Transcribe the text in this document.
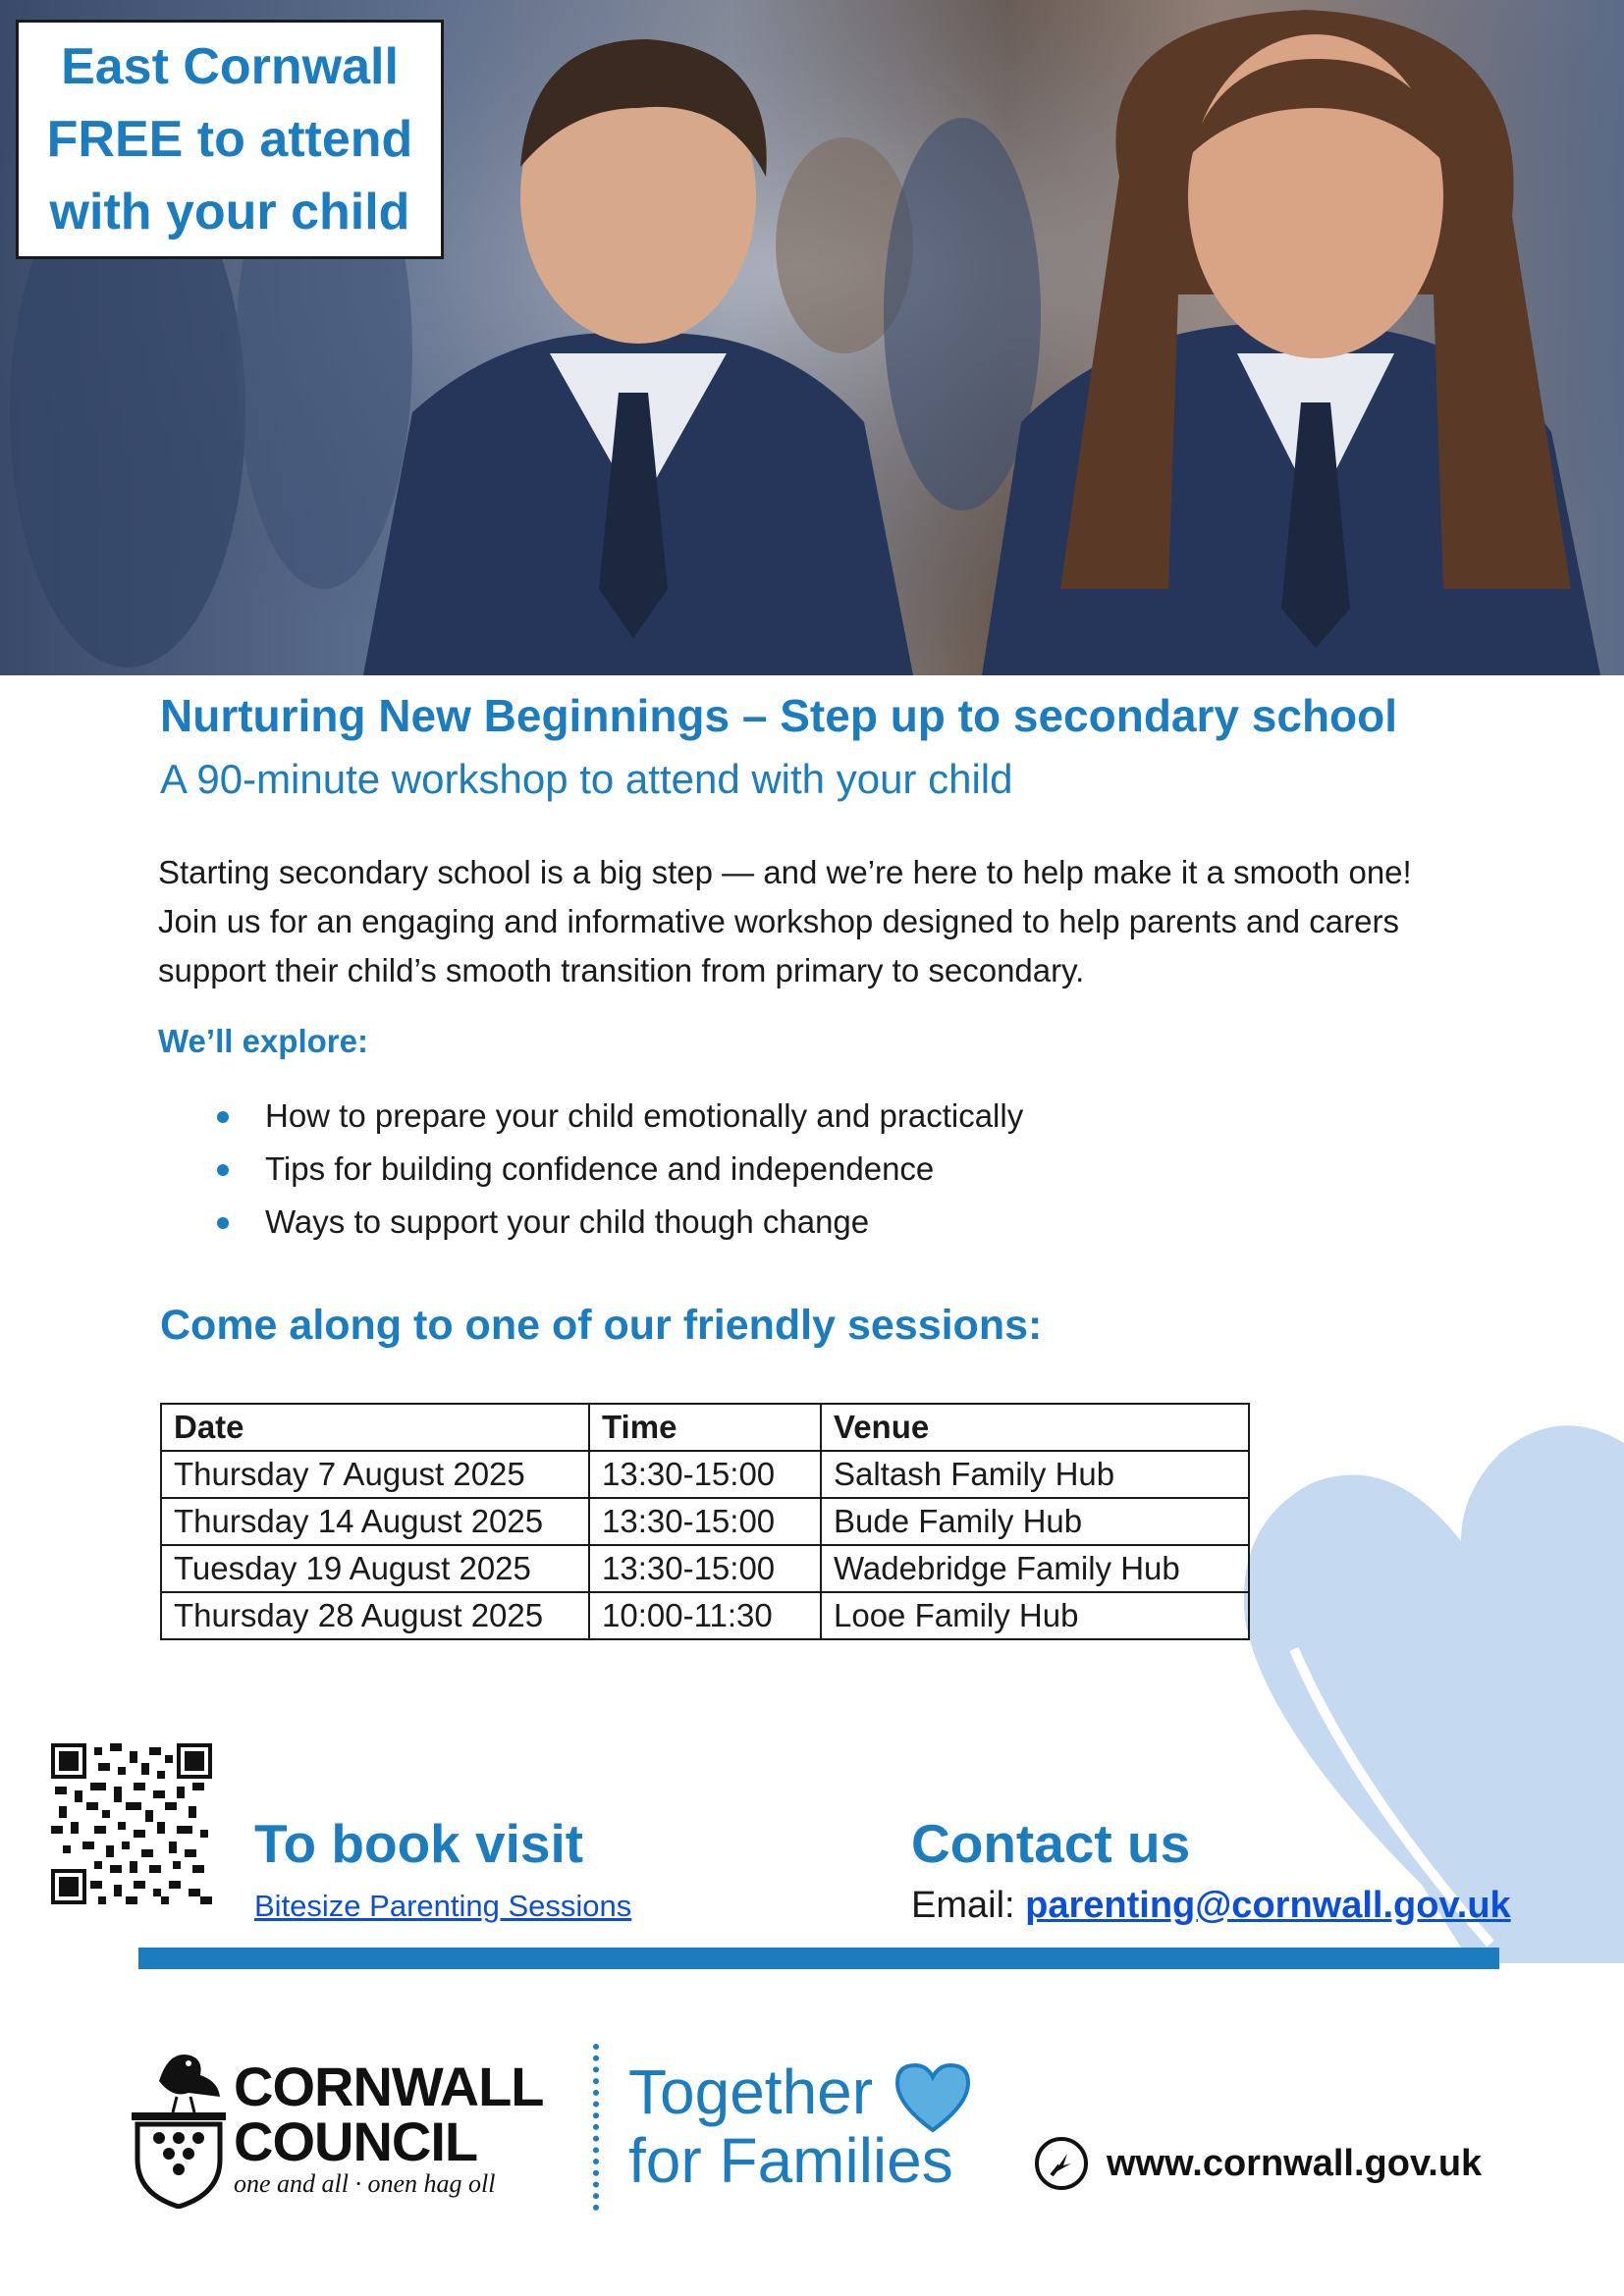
East Cornwall
FREE to attend
with your child
Nurturing New Beginnings – Step up to secondary school
A 90-minute workshop to attend with your child

Starting secondary school is a big step — and we’re here to help make it a smooth one!

Join us for an engaging and informative workshop designed to help parents and carers

support their child’s smooth transition from primary to secondary.

We’ll explore:
How to prepare your child emotionally and practically
Tips for building confidence and independence
Ways to support your child though change
Come along to one of our friendly sessions:
Date	Time	Venue
Thursday 7 August 2025	13:30-15:00	Saltash Family Hub
Thursday 14 August 2025	13:30-15:00	Bude Family Hub
Tuesday 19 August 2025	13:30-15:00	Wadebridge Family Hub
Thursday 28 August 2025	10:00-11:30	Looe Family Hub
To book visit
Bitesize Parenting Sessions
Contact us
Email: parenting@cornwall.gov.uk
CORNWALL
COUNCIL
one and all · onen hag oll
Together
for Families	www.cornwall.gov.uk
